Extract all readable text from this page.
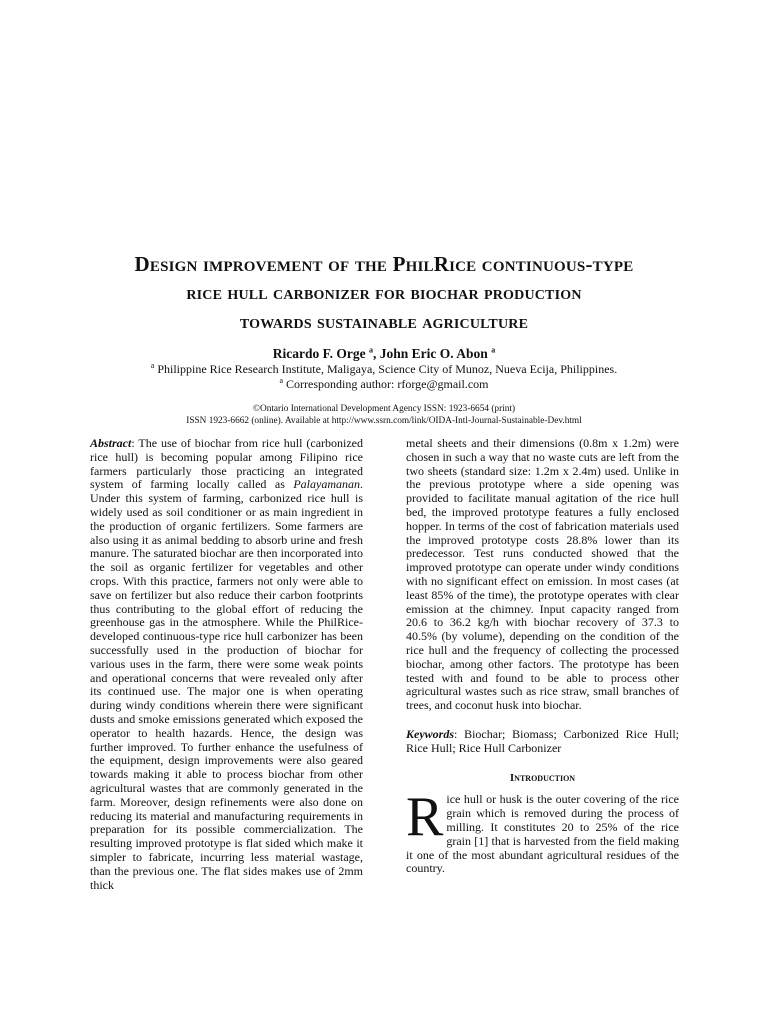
Design improvement of the PhilRice continuous-type
rice hull carbonizer for biochar production
towards sustainable agriculture
Ricardo F. Orge $^a$, John Eric O. Abon $^a$
$^a$ Philippine Rice Research Institute, Maligaya, Science City of Munoz, Nueva Ecija, Philippines.
$^a$ Corresponding author: rforge@gmail.com
©Ontario International Development Agency ISSN: 1923-6654 (print)
ISSN 1923-6662 (online). Available at http://www.ssrn.com/link/OIDA-Intl-Journal-Sustainable-Dev.html

Abstract: The use of biochar from rice hull (carbonized rice hull) is becoming popular among Filipino rice farmers particularly those practicing an integrated system of farming locally called as Palayamanan. Under this system of farming, carbonized rice hull is widely used as soil conditioner or as main ingredient in the production of organic fertilizers. Some farmers are also using it as animal bedding to absorb urine and fresh manure. The saturated biochar are then incorporated into the soil as organic fertilizer for vegetables and other crops. With this practice, farmers not only were able to save on fertilizer but also reduce their carbon footprints thus contributing to the global effort of reducing the greenhouse gas in the atmosphere. While the PhilRice-developed continuous-type rice hull carbonizer has been successfully used in the production of biochar for various uses in the farm, there were some weak points and operational concerns that were revealed only after its continued use. The major one is when operating during windy conditions wherein there were significant dusts and smoke emissions generated which exposed the operator to health hazards. Hence, the design was further improved. To further enhance the usefulness of the equipment, design improvements were also geared towards making it able to process biochar from other agricultural wastes that are commonly generated in the farm. Moreover, design refinements were also done on reducing its material and manufacturing requirements in preparation for its possible commercialization. The resulting improved prototype is flat sided which make it simpler to fabricate, incurring less material wastage, than the previous one. The flat sides makes use of 2mm thick

metal sheets and their dimensions (0.8m x 1.2m) were chosen in such a way that no waste cuts are left from the two sheets (standard size: 1.2m x 2.4m) used. Unlike in the previous prototype where a side opening was provided to facilitate manual agitation of the rice hull bed, the improved prototype features a fully enclosed hopper. In terms of the cost of fabrication materials used the improved prototype costs 28.8% lower than its predecessor. Test runs conducted showed that the improved prototype can operate under windy conditions with no significant effect on emission. In most cases (at least 85% of the time), the prototype operates with clear emission at the chimney. Input capacity ranged from 20.6 to 36.2 kg/h with biochar recovery of 37.3 to 40.5% (by volume), depending on the condition of the rice hull and the frequency of collecting the processed biochar, among other factors. The prototype has been tested with and found to be able to process other agricultural wastes such as rice straw, small branches of trees, and coconut husk into biochar.

Keywords: Biochar; Biomass; Carbonized Rice Hull; Rice Hull; Rice Hull Carbonizer

Introduction

Rice hull or husk is the outer covering of the rice grain which is removed during the process of milling. It constitutes 20 to 25% of the rice grain [1] that is harvested from the field making it one of the most abundant agricultural residues of the country.
